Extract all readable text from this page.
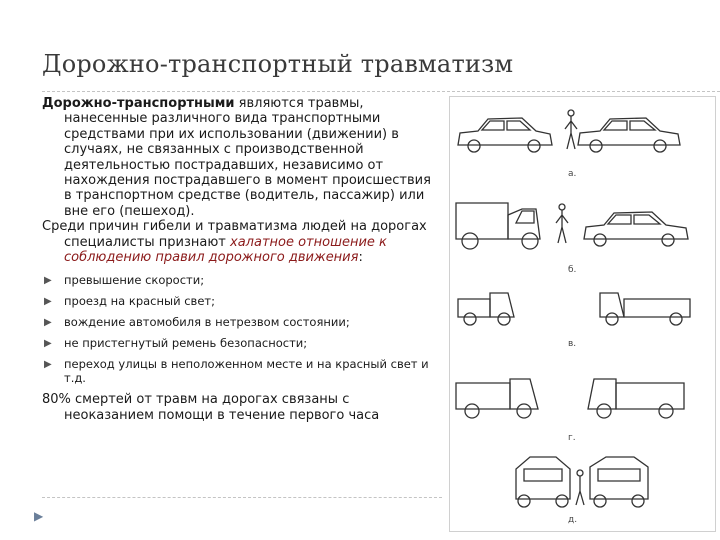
Дорожно-транспортный травматизм
Дорожно-транспортными являются травмы, нанесенные различного вида транспортными средствами при их использовании (движении) в случаях, не связанных с производственной деятельностью пострадавших, независимо от нахождения пострадавшего в момент происшествия в транспортном средстве (водитель, пассажир) или вне его (пешеход).
Среди причин гибели и травматизма людей на дорогах специалисты признают халатное отношение к соблюдению правил дорожного движения:
▶ превышение скорости;
▶ проезд на красный свет;
▶ вождение автомобиля в нетрезвом состоянии;
▶ не пристегнутый ремень безопасности;
▶ переход улицы в неположенном месте и на красный свет и т.д.
80% смертей от травм на дорогах связаны с неоказанием помощи в течение первого часа
▶
а.
б.
в.
г.
д.
